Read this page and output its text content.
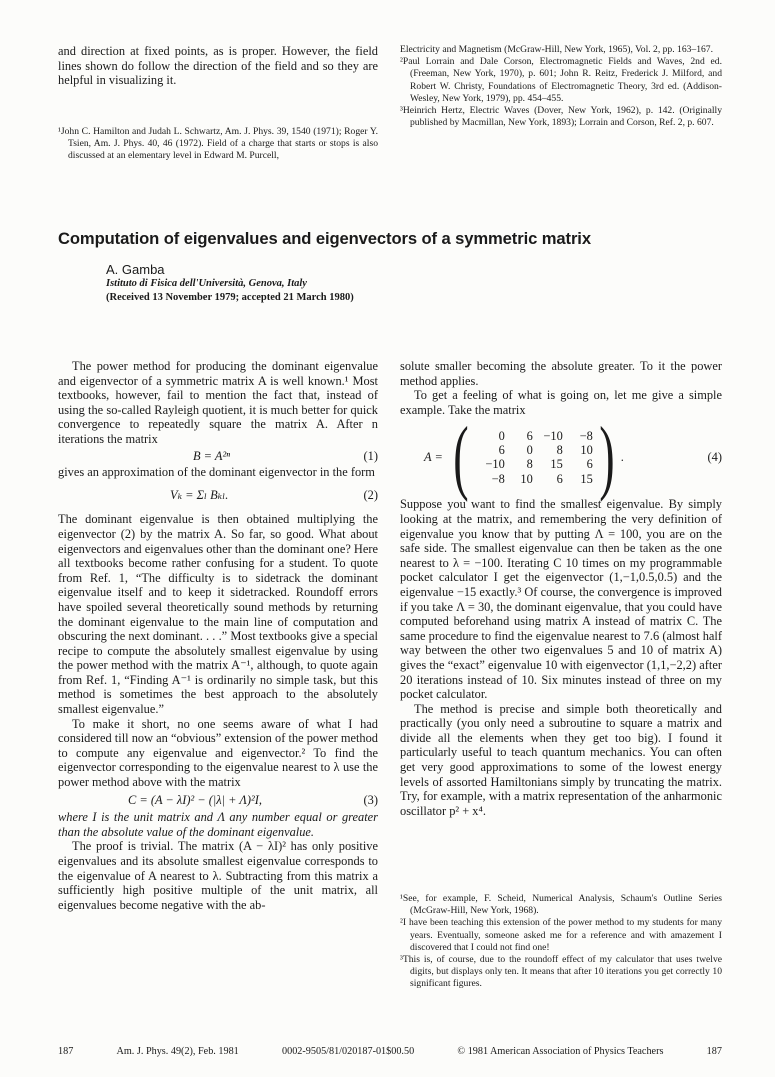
and direction at fixed points, as is proper. However, the field lines shown do follow the direction of the field and so they are helpful in visualizing it.

¹John C. Hamilton and Judah L. Schwartz, Am. J. Phys. 39, 1540 (1971); Roger Y. Tsien, Am. J. Phys. 40, 46 (1972). Field of a charge that starts or stops is also discussed at an elementary level in Edward M. Purcell,

Electricity and Magnetism (McGraw-Hill, New York, 1965), Vol. 2, pp. 163–167.

²Paul Lorrain and Dale Corson, Electromagnetic Fields and Waves, 2nd ed. (Freeman, New York, 1970), p. 601; John R. Reitz, Frederick J. Milford, and Robert W. Christy, Foundations of Electromagnetic Theory, 3rd ed. (Addison-Wesley, New York, 1979), pp. 454–455.

³Heinrich Hertz, Electric Waves (Dover, New York, 1962), p. 142. (Originally published by Macmillan, New York, 1893); Lorrain and Corson, Ref. 2, p. 607.

Computation of eigenvalues and eigenvectors of a symmetric matrix
A. Gamba
Istituto di Fisica dell'Università, Genova, Italy
(Received 13 November 1979; accepted 21 March 1980)

The power method for producing the dominant eigenvalue and eigenvector of a symmetric matrix A is well known.¹ Most textbooks, however, fail to mention the fact that, instead of using the so-called Rayleigh quotient, it is much better for quick convergence to repeatedly square the matrix A. After n iterations the matrix

B = A²ⁿ	(1)

gives an approximation of the dominant eigenvector in the form

Vₖ = Σₗ Bₖₗ.	(2)

The dominant eigenvalue is then obtained multiplying the eigenvector (2) by the matrix A. So far, so good. What about eigenvectors and eigenvalues other than the dominant one? Here all textbooks become rather confusing for a student. To quote from Ref. 1, “The difficulty is to sidetrack the dominant eigenvalue itself and to keep it sidetracked. Roundoff errors have spoiled several theoretically sound methods by returning the dominant eigenvalue to the main line of computation and obscuring the next dominant. . . .” Most textbooks give a special recipe to compute the absolutely smallest eigenvalue by using the power method with the matrix A⁻¹, although, to quote again from Ref. 1, “Finding A⁻¹ is ordinarily no simple task, but this method is sometimes the best approach to the absolutely smallest eigenvalue.”

To make it short, no one seems aware of what I had considered till now an “obvious” extension of the power method to compute any eigenvalue and eigenvector.² To find the eigenvector corresponding to the eigenvalue nearest to λ use the power method above with the matrix

C = (A − λI)² − (|λ| + Λ)²I,	(3)

where I is the unit matrix and Λ any number equal or greater than the absolute value of the dominant eigenvalue.

The proof is trivial. The matrix (A − λI)² has only positive eigenvalues and its absolute smallest eigenvalue corresponds to the eigenvalue of A nearest to λ. Subtracting from this matrix a sufficiently high positive multiple of the unit matrix, all eigenvalues become negative with the ab-

solute smaller becoming the absolute greater. To it the power method applies.

To get a feeling of what is going on, let me give a simple example. Take the matrix

A = (	0	6 −10	−8
6	0	8	10
−10	8	15	6
−8	10	6	15 ) .	(4)

Suppose you want to find the smallest eigenvalue. By simply looking at the matrix, and remembering the very definition of eigenvalue you know that by putting Λ = 100, you are on the safe side. The smallest eigenvalue can then be taken as the one nearest to λ = −100. Iterating C 10 times on my programmable pocket calculator I get the eigenvector (1,−1,0.5,0.5) and the eigenvalue −15 exactly.³ Of course, the convergence is improved if you take Λ = 30, the dominant eigenvalue, that you could have computed beforehand using matrix A instead of matrix C. The same procedure to find the eigenvalue nearest to 7.6 (almost half way between the other two eigenvalues 5 and 10 of matrix A) gives the “exact” eigenvalue 10 with eigenvector (1,1,−2,2) after 20 iterations instead of 10. Six minutes instead of three on my pocket calculator.

The method is precise and simple both theoretically and practically (you only need a subroutine to square a matrix and divide all the elements when they get too big). I found it particularly useful to teach quantum mechanics. You can often get very good approximations to some of the lowest energy levels of assorted Hamiltonians simply by truncating the matrix. Try, for example, with a matrix representation of the anharmonic oscillator p² + x⁴.

¹See, for example, F. Scheid, Numerical Analysis, Schaum's Outline Series (McGraw-Hill, New York, 1968).

²I have been teaching this extension of the power method to my students for many years. Eventually, someone asked me for a reference and with amazement I discovered that I could not find one!

³This is, of course, due to the roundoff effect of my calculator that uses twelve digits, but displays only ten. It means that after 10 iterations you get correctly 10 significant figures.

187	Am. J. Phys. 49(2), Feb. 1981	0002-9505/81/020187-01$00.50	© 1981 American Association of Physics Teachers	187
